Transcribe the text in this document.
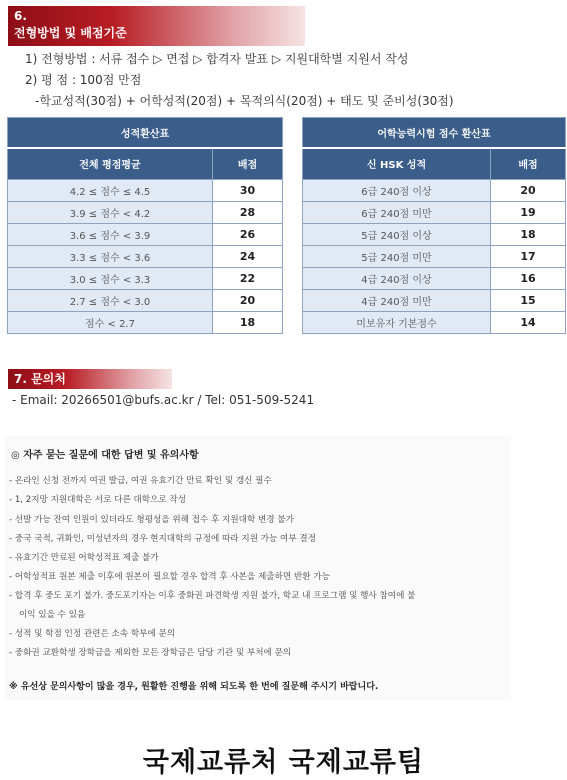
6.
전형방법 및 배점기준
1) 전형방법 : 서류 접수 ▷ 면접 ▷ 합격자 발표 ▷ 지원대학별 지원서 작성
2) 평 점 : 100점 만점
-학교성적(30점) + 어학성적(20점) + 목적의식(20점) + 태도 및 준비성(30점)
성적환산표	
전체 평점평균	배점
4.2 ≤ 점수 ≤ 4.5	30
3.9 ≤ 점수 < 4.2	28
3.6 ≤ 점수 < 3.9	26
3.3 ≤ 점수 < 3.6	24
3.0 ≤ 점수 < 3.3	22
2.7 ≤ 점수 < 3.0	20
점수 < 2.7	18
어학능력시험 점수 환산표	
신 HSK 성적	배점
6급 240점 이상	20
6급 240점 미만	19
5급 240점 이상	18
5급 240점 미만	17
4급 240점 이상	16
4급 240점 미만	15
미보유자 기본점수	14
7. 문의처
- Email: 20266501@bufs.ac.kr / Tel: 051-509-5241
◎ 자주 묻는 질문에 대한 답변 및 유의사항
- 온라인 신청 전까지 여권 발급, 여권 유효기간 만료 확인 및 갱신 필수
- 1, 2지망 지원대학은 서로 다른 대학으로 작성
- 선발 가능 잔여 인원이 있더라도 형평성을 위해 접수 후 지원대학 변경 불가
- 중국 국적, 귀화인, 미성년자의 경우 현지대학의 규정에 따라 지원 가능 여부 결정
- 유효기간 만료된 어학성적표 제출 불가
- 어학성적표 원본 제출 이후에 원본이 필요할 경우 합격 후 사본을 제출하면 반환 가능
- 합격 후 중도 포기 불가. 중도포기자는 이후 중화권 파견학생 지원 불가, 학교 내 프로그램 및 행사 참여에 불
이익 있을 수 있음
- 성적 및 학점 인정 관련은 소속 학부에 문의
- 중화권 교환학생 장학금을 제외한 모든 장학금은 담당 기관 및 부처에 문의
※ 유선상 문의사항이 많을 경우, 원활한 진행을 위해 되도록 한 번에 질문해 주시기 바랍니다.
국제교류처 국제교류팀
